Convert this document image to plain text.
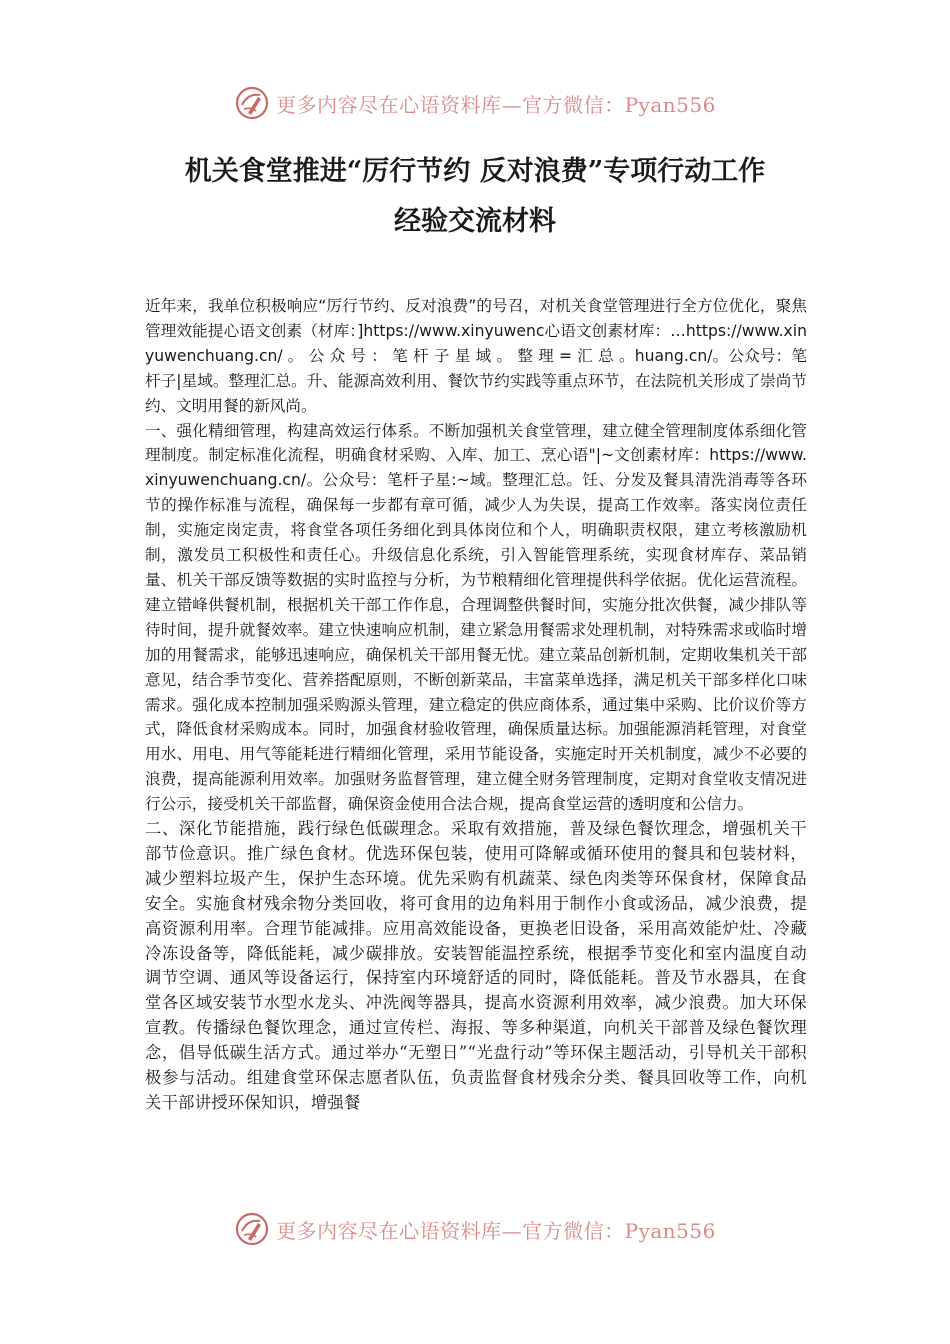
更多内容尽在心语资料库—官方微信：Pyan556
机关食堂推进“厉行节约 反对浪费”专项行动工作
经验交流材料

近年来，我单位积极响应“厉行节约、反对浪费”的号召，对机关食堂管理进行全方位优化，聚焦管理效能提心语文创素（材库：]https://www.xinyuwenc心语文创素材库：…https://www.xinyuwenchuang.cn/ 。 公 众 号 ： 笔 杆 子 星 域 。 整 理 = 汇 总 。huang.cn/。公众号：笔杆子|星域。整理汇总。升、能源高效利用、餐饮节约实践等重点环节，在法院机关形成了崇尚节约、文明用餐的新风尚。

一、强化精细管理，构建高效运行体系。不断加强机关食堂管理，建立健全管理制度体系细化管理制度。制定标准化流程，明确食材采购、入库、加工、烹心语"|~文创素材库：https://www.xinyuwenchuang.cn/。公众号：笔杆子星:~域。整理汇总。饪、分发及餐具清洗消毒等各环节的操作标准与流程，确保每一步都有章可循，减少人为失误，提高工作效率。落实岗位责任制，实施定岗定责，将食堂各项任务细化到具体岗位和个人，明确职责权限，建立考核激励机制，激发员工积极性和责任心。升级信息化系统，引入智能管理系统，实现食材库存、菜品销量、机关干部反馈等数据的实时监控与分析，为节粮精细化管理提供科学依据。优化运营流程。建立错峰供餐机制，根据机关干部工作作息，合理调整供餐时间，实施分批次供餐，减少排队等待时间，提升就餐效率。建立快速响应机制，建立紧急用餐需求处理机制，对特殊需求或临时增加的用餐需求，能够迅速响应，确保机关干部用餐无忧。建立菜品创新机制，定期收集机关干部意见，结合季节变化、营养搭配原则，不断创新菜品，丰富菜单选择，满足机关干部多样化口味需求。强化成本控制加强采购源头管理，建立稳定的供应商体系，通过集中采购、比价议价等方式，降低食材采购成本。同时，加强食材验收管理，确保质量达标。加强能源消耗管理，对食堂用水、用电、用气等能耗进行精细化管理，采用节能设备，实施定时开关机制度，减少不必要的浪费，提高能源利用效率。加强财务监督管理，建立健全财务管理制度，定期对食堂收支情况进行公示，接受机关干部监督，确保资金使用合法合规，提高食堂运营的透明度和公信力。

二、深化节能措施，践行绿色低碳理念。采取有效措施，普及绿色餐饮理念，增强机关干部节俭意识。推广绿色食材。优选环保包装，使用可降解或循环使用的餐具和包装材料，减少塑料垃圾产生，保护生态环境。优先采购有机蔬菜、绿色肉类等环保食材，保障食品安全。实施食材残余物分类回收，将可食用的边角料用于制作小食或汤品，减少浪费，提高资源利用率。合理节能减排。应用高效能设备，更换老旧设备，采用高效能炉灶、冷藏冷冻设备等，降低能耗，减少碳排放。安装智能温控系统，根据季节变化和室内温度自动调节空调、通风等设备运行，保持室内环境舒适的同时，降低能耗。普及节水器具，在食堂各区域安装节水型水龙头、冲洗阀等器具，提高水资源利用效率，减少浪费。加大环保宣教。传播绿色餐饮理念，通过宣传栏、海报、等多种渠道，向机关干部普及绿色餐饮理念，倡导低碳生活方式。通过举办“无塑日”“光盘行动”等环保主题活动，引导机关干部积极参与活动。组建食堂环保志愿者队伍，负责监督食材残余分类、餐具回收等工作，向机关干部讲授环保知识，增强餐

更多内容尽在心语资料库—官方微信：Pyan556
